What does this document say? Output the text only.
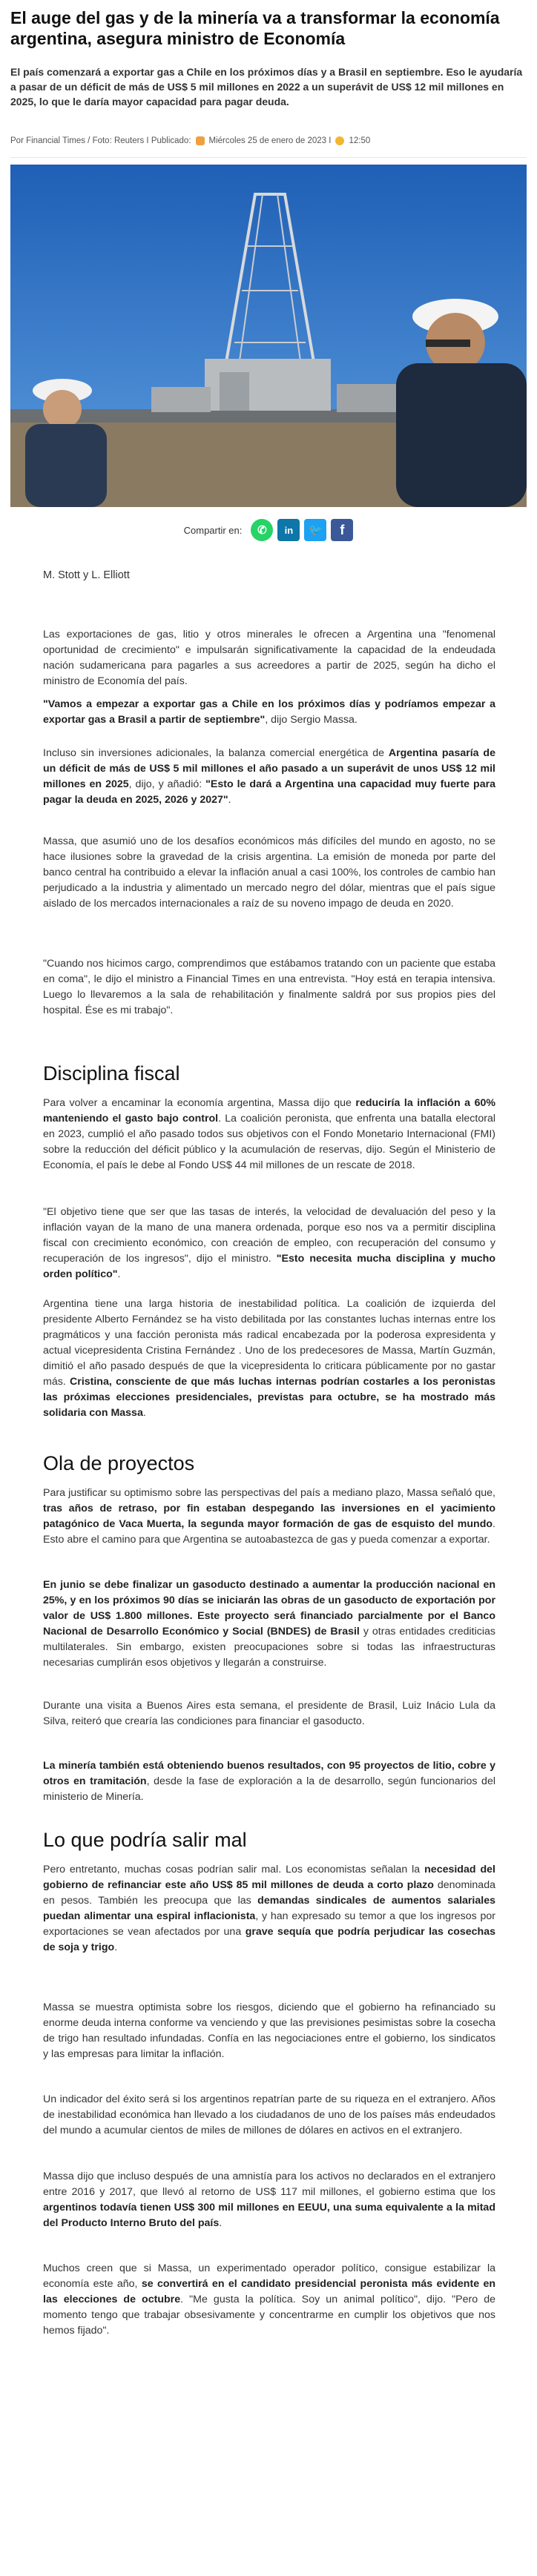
El auge del gas y de la minería va a transformar la economía argentina, asegura ministro de Economía

El país comenzará a exportar gas a Chile en los próximos días y a Brasil en septiembre. Eso le ayudaría a pasar de un déficit de más de US$ 5 mil millones en 2022 a un superávit de US$ 12 mil millones en 2025, lo que le daría mayor capacidad para pagar deuda.

Por Financial Times / Foto: Reuters I Publicado: Miércoles 25 de enero de 2023 I 12:50
Compartir en:	✆	in	🐦	f

M. Stott y L. Elliott

Las exportaciones de gas, litio y otros minerales le ofrecen a Argentina una "fenomenal oportunidad de crecimiento" e impulsarán significativamente la capacidad de la endeudada nación sudamericana para pagarles a sus acreedores a partir de 2025, según ha dicho el ministro de Economía del país.

"Vamos a empezar a exportar gas a Chile en los próximos días y podríamos empezar a exportar gas a Brasil a partir de septiembre", dijo Sergio Massa.

Incluso sin inversiones adicionales, la balanza comercial energética de Argentina pasaría de un déficit de más de US$ 5 mil millones el año pasado a un superávit de unos US$ 12 mil millones en 2025, dijo, y añadió: "Esto le dará a Argentina una capacidad muy fuerte para pagar la deuda en 2025, 2026 y 2027".

Massa, que asumió uno de los desafíos económicos más difíciles del mundo en agosto, no se hace ilusiones sobre la gravedad de la crisis argentina. La emisión de moneda por parte del banco central ha contribuido a elevar la inflación anual a casi 100%, los controles de cambio han perjudicado a la industria y alimentado un mercado negro del dólar, mientras que el país sigue aislado de los mercados internacionales a raíz de su noveno impago de deuda en 2020.

"Cuando nos hicimos cargo, comprendimos que estábamos tratando con un paciente que estaba en coma", le dijo el ministro a Financial Times en una entrevista. "Hoy está en terapia intensiva. Luego lo llevaremos a la sala de rehabilitación y finalmente saldrá por sus propios pies del hospital. Ése es mi trabajo".

Disciplina fiscal

Para volver a encaminar la economía argentina, Massa dijo que reduciría la inflación a 60% manteniendo el gasto bajo control. La coalición peronista, que enfrenta una batalla electoral en 2023, cumplió el año pasado todos sus objetivos con el Fondo Monetario Internacional (FMI) sobre la reducción del déficit público y la acumulación de reservas, dijo. Según el Ministerio de Economía, el país le debe al Fondo US$ 44 mil millones de un rescate de 2018.

"El objetivo tiene que ser que las tasas de interés, la velocidad de devaluación del peso y la inflación vayan de la mano de una manera ordenada, porque eso nos va a permitir disciplina fiscal con crecimiento económico, con creación de empleo, con recuperación del consumo y recuperación de los ingresos", dijo el ministro. "Esto necesita mucha disciplina y mucho orden político".

Argentina tiene una larga historia de inestabilidad política. La coalición de izquierda del presidente Alberto Fernández se ha visto debilitada por las constantes luchas internas entre los pragmáticos y una facción peronista más radical encabezada por la poderosa expresidenta y actual vicepresidenta Cristina Fernández . Uno de los predecesores de Massa, Martín Guzmán, dimitió el año pasado después de que la vicepresidenta lo criticara públicamente por no gastar más. Cristina, consciente de que más luchas internas podrían costarles a los peronistas las próximas elecciones presidenciales, previstas para octubre, se ha mostrado más solidaria con Massa.

Ola de proyectos

Para justificar su optimismo sobre las perspectivas del país a mediano plazo, Massa señaló que, tras años de retraso, por fin estaban despegando las inversiones en el yacimiento patagónico de Vaca Muerta, la segunda mayor formación de gas de esquisto del mundo. Esto abre el camino para que Argentina se autoabastezca de gas y pueda comenzar a exportar.

En junio se debe finalizar un gasoducto destinado a aumentar la producción nacional en 25%, y en los próximos 90 días se iniciarán las obras de un gasoducto de exportación por valor de US$ 1.800 millones. Este proyecto será financiado parcialmente por el Banco Nacional de Desarrollo Económico y Social (BNDES) de Brasil y otras entidades crediticias multilaterales. Sin embargo, existen preocupaciones sobre si todas las infraestructuras necesarias cumplirán esos objetivos y llegarán a construirse.

Durante una visita a Buenos Aires esta semana, el presidente de Brasil, Luiz Inácio Lula da Silva, reiteró que crearía las condiciones para financiar el gasoducto.

La minería también está obteniendo buenos resultados, con 95 proyectos de litio, cobre y otros en tramitación, desde la fase de exploración a la de desarrollo, según funcionarios del ministerio de Minería.

Lo que podría salir mal

Pero entretanto, muchas cosas podrían salir mal. Los economistas señalan la necesidad del gobierno de refinanciar este año US$ 85 mil millones de deuda a corto plazo denominada en pesos. También les preocupa que las demandas sindicales de aumentos salariales puedan alimentar una espiral inflacionista, y han expresado su temor a que los ingresos por exportaciones se vean afectados por una grave sequía que podría perjudicar las cosechas de soja y trigo.

Massa se muestra optimista sobre los riesgos, diciendo que el gobierno ha refinanciado su enorme deuda interna conforme va venciendo y que las previsiones pesimistas sobre la cosecha de trigo han resultado infundadas. Confía en las negociaciones entre el gobierno, los sindicatos y las empresas para limitar la inflación.

Un indicador del éxito será si los argentinos repatrían parte de su riqueza en el extranjero. Años de inestabilidad económica han llevado a los ciudadanos de uno de los países más endeudados del mundo a acumular cientos de miles de millones de dólares en activos en el extranjero.

Massa dijo que incluso después de una amnistía para los activos no declarados en el extranjero entre 2016 y 2017, que llevó al retorno de US$ 117 mil millones, el gobierno estima que los argentinos todavía tienen US$ 300 mil millones en EEUU, una suma equivalente a la mitad del Producto Interno Bruto del país.

Muchos creen que si Massa, un experimentado operador político, consigue estabilizar la economía este año, se convertirá en el candidato presidencial peronista más evidente en las elecciones de octubre. "Me gusta la política. Soy un animal político", dijo. "Pero de momento tengo que trabajar obsesivamente y concentrarme en cumplir los objetivos que nos hemos fijado".
